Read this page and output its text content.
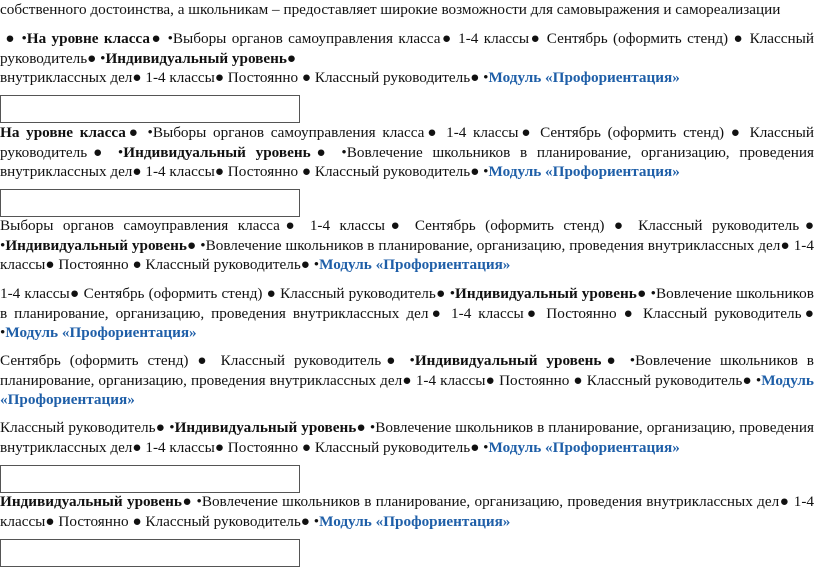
собственного достоинства, а школьникам – предоставляет широкие возможности для самовыражения и самореализации
● •На уровне класса● •Выборы органов самоуправления класса● 1-4 классы● Сентябрь (оформить стенд) ● Классный руководитель● •Индивидуальный уровень●
внутриклассных дел● 1-4 классы● Постоянно ● Классный руководитель● •Модуль «Профориентация»
На уровне класса● •Выборы органов самоуправления класса● 1-4 классы● Сентябрь (оформить стенд) ● Классный руководитель● •Индивидуальный уровень● •Вовлечение школьников в планирование, организацию, проведения внутриклассных дел● 1-4 классы● Постоянно ● Классный руководитель● •Модуль «Профориентация»
Выборы органов самоуправления класса● 1-4 классы● Сентябрь (оформить стенд) ● Классный руководитель● •Индивидуальный уровень● •Вовлечение школьников в планирование, организацию, проведения внутриклассных дел● 1-4 классы● Постоянно ● Классный руководитель● •Модуль «Профориентация»
1-4 классы● Сентябрь (оформить стенд) ● Классный руководитель● •Индивидуальный уровень● •Вовлечение школьников в планирование, организацию, проведения внутриклассных дел● 1-4 классы● Постоянно ● Классный руководитель● •Модуль «Профориентация»
Сентябрь (оформить стенд) ● Классный руководитель● •Индивидуальный уровень● •Вовлечение школьников в планирование, организацию, проведения внутриклассных дел● 1-4 классы● Постоянно ● Классный руководитель● •Модуль «Профориентация»
Классный руководитель● •Индивидуальный уровень● •Вовлечение школьников в планирование, организацию, проведения внутриклассных дел● 1-4 классы● Постоянно ● Классный руководитель● •Модуль «Профориентация»
Индивидуальный уровень● •Вовлечение школьников в планирование, организацию, проведения внутриклассных дел● 1-4 классы● Постоянно ● Классный руководитель● •Модуль «Профориентация»
